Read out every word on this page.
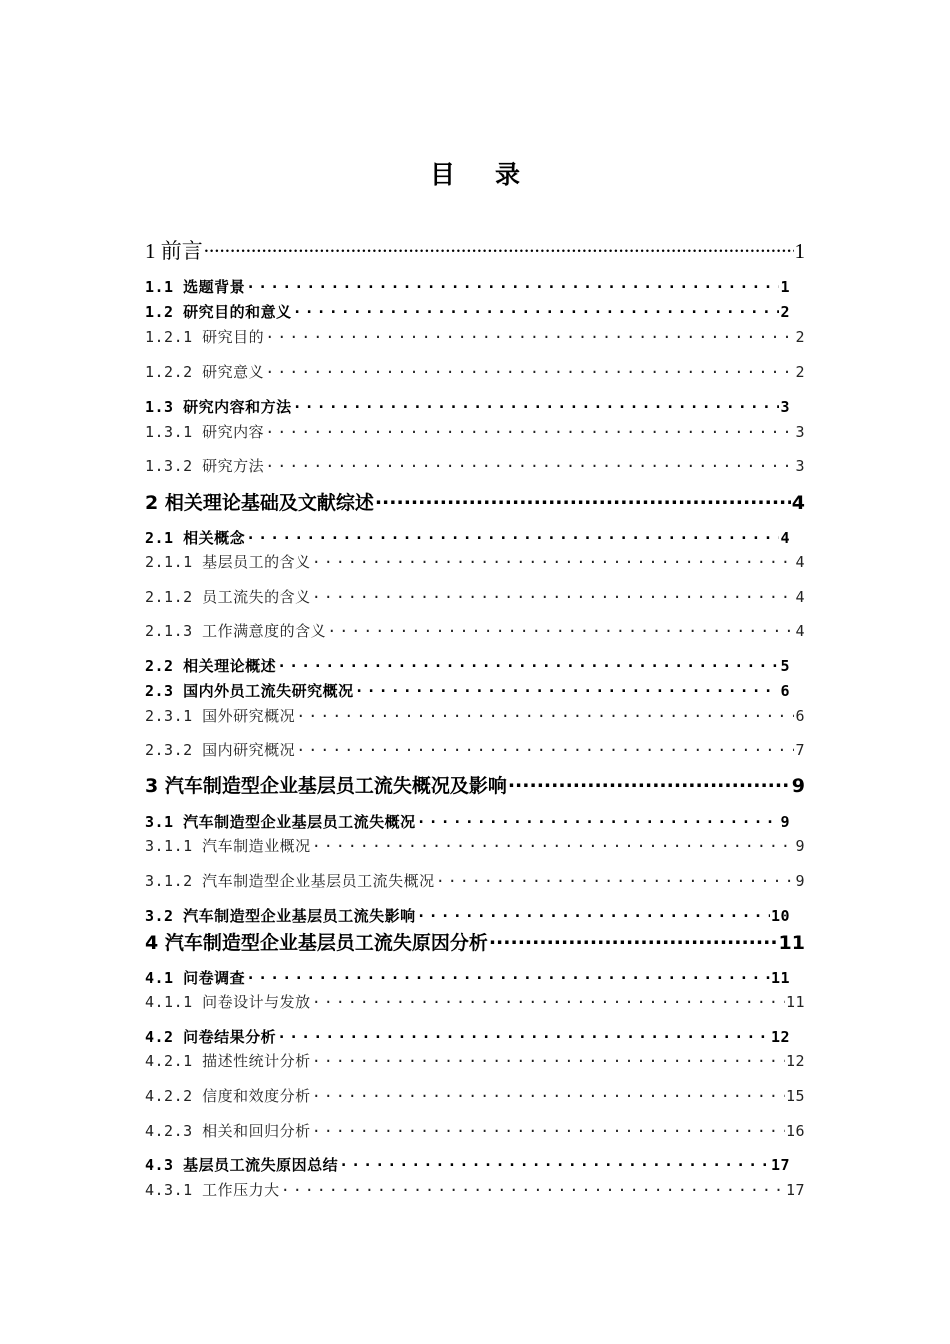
目 录
1 前言 .....	1
1.1 选题背景 .....	1
1.2 研究目的和意义 .....	2
1.2.1 研究目的 .....	2
1.2.2 研究意义 .....	2
1.3 研究内容和方法 .....	3
1.3.1 研究内容 .....	3
1.3.2 研究方法 .....	3
2 相关理论基础及文献综述 .....	4
2.1 相关概念 .....	4
2.1.1 基层员工的含义 .....	4
2.1.2 员工流失的含义 .....	4
2.1.3 工作满意度的含义 .....	4
2.2 相关理论概述 .....	5
2.3 国内外员工流失研究概况 .....	6
2.3.1 国外研究概况 .....	6
2.3.2 国内研究概况 .....	7
3 汽车制造型企业基层员工流失概况及影响 .....	9
3.1 汽车制造型企业基层员工流失概况 .....	9
3.1.1 汽车制造业概况 .....	9
3.1.2 汽车制造型企业基层员工流失概况 .....	9
3.2 汽车制造型企业基层员工流失影响 .....	10
4 汽车制造型企业基层员工流失原因分析 .....	11
4.1 问卷调查 .....	11
4.1.1 问卷设计与发放 .....	11
4.2 问卷结果分析 .....	12
4.2.1 描述性统计分析 .....	12
4.2.2 信度和效度分析 .....	15
4.2.3 相关和回归分析 .....	16
4.3 基层员工流失原因总结 .....	17
4.3.1 工作压力大 .....	17
